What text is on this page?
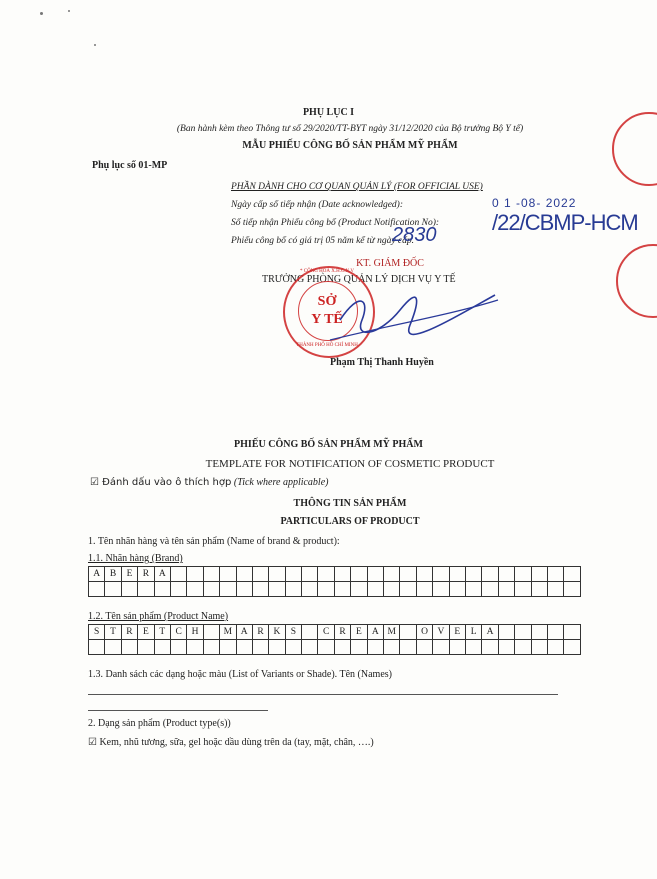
PHỤ LỤC I
(Ban hành kèm theo Thông tư số 29/2020/TT-BYT ngày 31/12/2020 của Bộ trưởng Bộ Y tế)
MẪU PHIẾU CÔNG BỐ SẢN PHẨM MỸ PHẨM
Phụ lục số 01-MP
PHẦN DÀNH CHO CƠ QUAN QUẢN LÝ (FOR OFFICIAL USE)
Ngày cấp số tiếp nhận (Date acknowledged):	0 1 -08- 2022
Số tiếp nhận Phiếu công bố (Product Notification No): /22/CBMP-HCM
Phiếu công bố có giá trị 05 năm kể từ ngày cấp.
2830
KT. GIÁM ĐỐC
TRƯỞNG PHÒNG QUẢN LÝ DỊCH VỤ Y TẾ
SỞ
Y TẾ
THÀNH PHỐ HỒ CHÍ MINH
* CÔNG HOÀ X.H.C.N.V
Phạm Thị Thanh Huyền
PHIẾU CÔNG BỐ SẢN PHẨM MỸ PHẨM
TEMPLATE FOR NOTIFICATION OF COSMETIC PRODUCT
☑ Đánh dấu vào ô thích hợp (Tick where applicable)
THÔNG TIN SẢN PHẨM
PARTICULARS OF PRODUCT
1. Tên nhãn hàng và tên sản phẩm (Name of brand & product):
1.1. Nhãn hàng (Brand)
A	B	E	R	A																									

1.2. Tên sản phẩm (Product Name)
S	T	R	E	T	C	H		M	A	R	K	S		C	R	E	A	M		O	V	E	L	A					

1.3. Danh sách các dạng hoặc màu (List of Variants or Shade). Tên (Names)
2. Dạng sản phẩm (Product type(s))
☑ Kem, nhũ tương, sữa, gel hoặc dầu dùng trên da (tay, mặt, chân, ….)
